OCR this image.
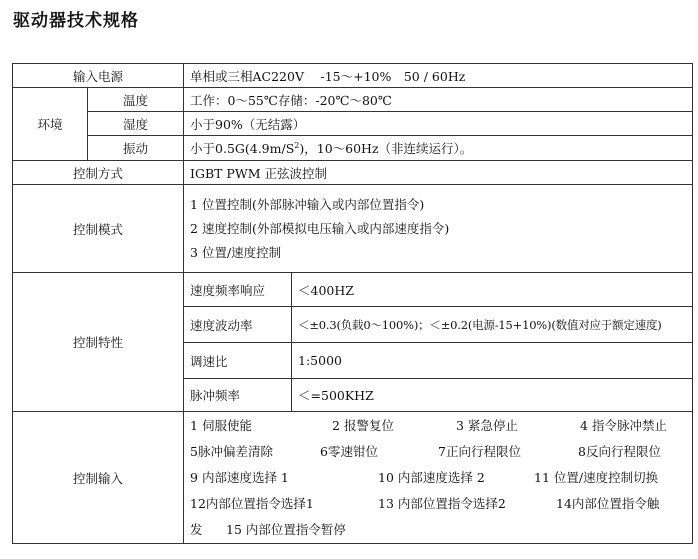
驱动器技术规格
输入电源		单相或三相AC220V　 -15～+10%　50 / 60Hz	
环境	温度	工作：0～55℃存储：-20℃～80℃	
	湿度	小于90%（无结露）	
	振动	小于$0.5G(4.9m/S^2)$，10～60Hz（非连续运行）。	
控制方式		IGBT PWM 正弦波控制	
控制模式		1 位置控制(外部脉冲输入或内部位置指令)
2 速度控制(外部模拟电压输入或内部速度指令)
3 位置/速度控制	

控制特性		速度频率响应	＜400HZ
		速度波动率	＜±0.3(负载0～100%)；＜±0.2(电源-15+10%)(数值对应于额定速度)
		调速比	1:5000
		脉冲频率	＜=500KHZ
控制输入		1 伺服使能 2 报警复位 3 紧急停止 4 指令脉冲禁止
5脉冲偏差清除 6零速钳位 7正向行程限位 8反向行程限位
9 内部速度选择 1 10 内部速度选择 2 11 位置/速度控制切换
12内部位置指令选择1 13 内部位置指令选择2 14内部位置指令触
发 15 内部位置指令暂停	
